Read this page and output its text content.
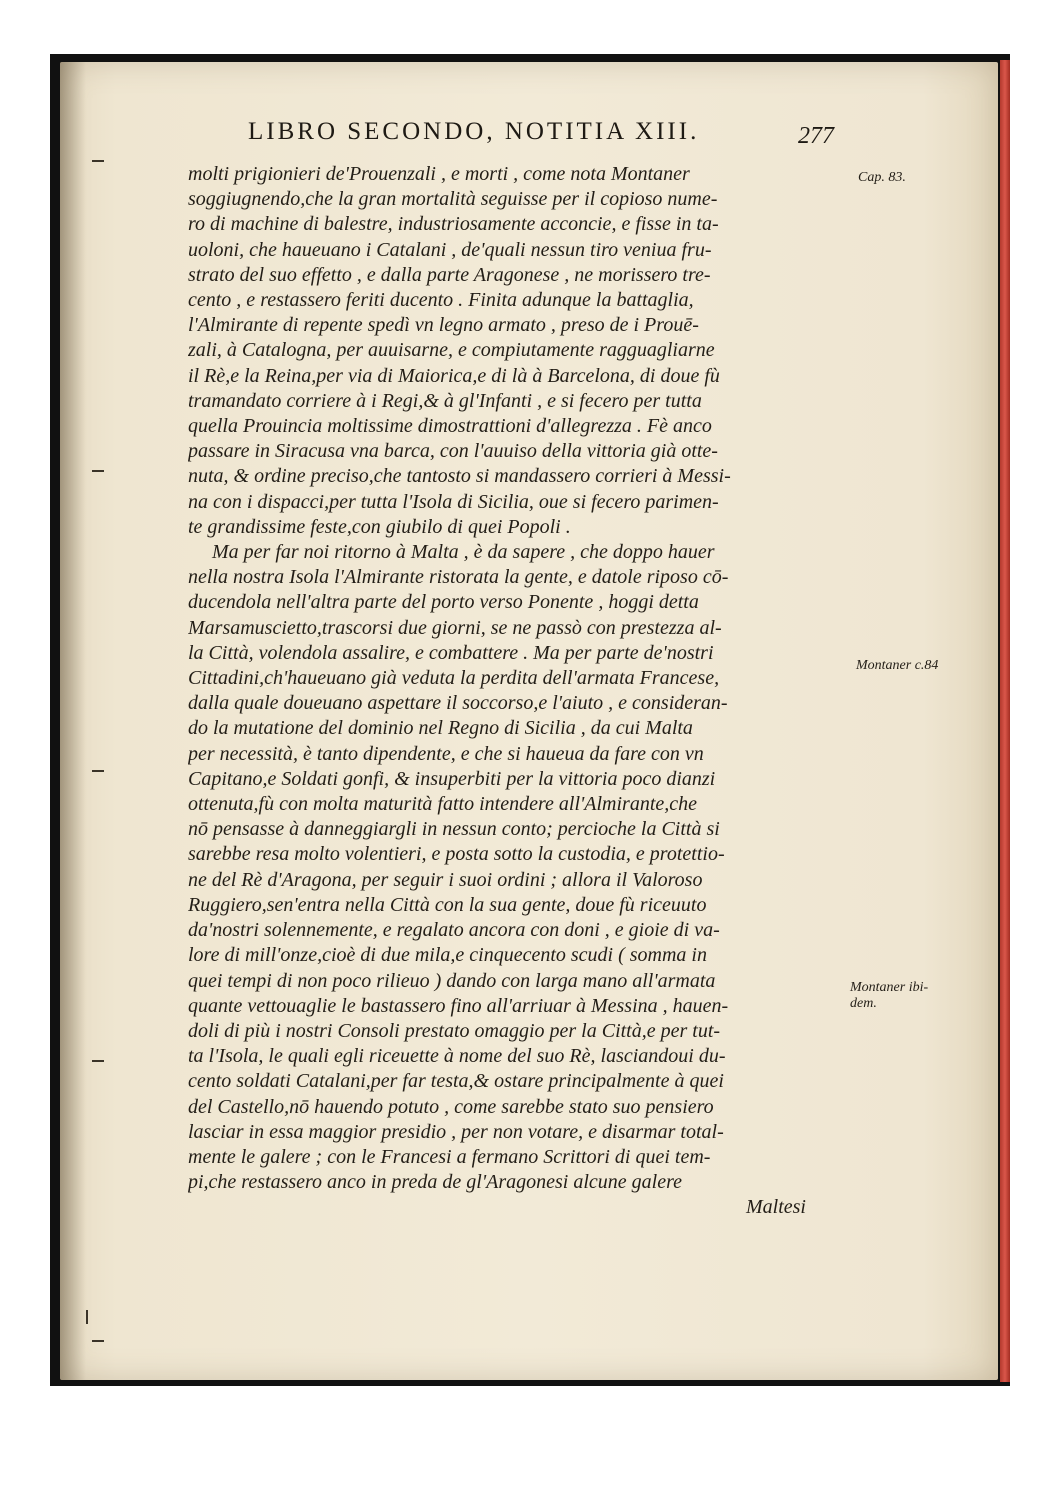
LIBRO SECONDO, NOTITIA XIII.	277
molti prigionieri de'Prouenzali , e morti , come nota Montaner
soggiugnendo,che la gran mortalità seguisse per il copioso nume-
ro di machine di balestre, industriosamente acconcie, e fisse in ta-
uoloni, che haueuano i Catalani , de'quali nessun tiro veniua fru-
strato del suo effetto , e dalla parte Aragonese , ne morissero tre-
cento , e restassero feriti ducento . Finita adunque la battaglia,
l'Almirante di repente spedì vn legno armato , preso de i Prouē-
zali, à Catalogna, per auuisarne, e compiutamente ragguagliarne
il Rè,e la Reina,per via di Maiorica,e di là à Barcelona, di doue fù
tramandato corriere à i Regi,& à gl'Infanti , e si fecero per tutta
quella Prouincia moltissime dimostrattioni d'allegrezza . Fè anco
passare in Siracusa vna barca, con l'auuiso della vittoria già otte-
nuta, & ordine preciso,che tantosto si mandassero corrieri à Messi-
na con i dispacci,per tutta l'Isola di Sicilia, oue si fecero parimen-
te grandissime feste,con giubilo di quei Popoli .
Ma per far noi ritorno à Malta , è da sapere , che doppo hauer
nella nostra Isola l'Almirante ristorata la gente, e datole riposo cō-
ducendola nell'altra parte del porto verso Ponente , hoggi detta
Marsamuscietto,trascorsi due giorni, se ne passò con prestezza al-
la Città, volendola assalire, e combattere . Ma per parte de'nostri
Cittadini,ch'haueuano già veduta la perdita dell'armata Francese,
dalla quale doueuano aspettare il soccorso,e l'aiuto , e consideran-
do la mutatione del dominio nel Regno di Sicilia , da cui Malta
per necessità, è tanto dipendente, e che si haueua da fare con vn
Capitano,e Soldati gonfi, & insuperbiti per la vittoria poco dianzi
ottenuta,fù con molta maturità fatto intendere all'Almirante,che
nō pensasse à danneggiargli in nessun conto; percioche la Città si
sarebbe resa molto volentieri, e posta sotto la custodia, e protettio-
ne del Rè d'Aragona, per seguir i suoi ordini ; allora il Valoroso
Ruggiero,sen'entra nella Città con la sua gente, doue fù riceuuto
da'nostri solennemente, e regalato ancora con doni , e gioie di va-
lore di mill'onze,cioè di due mila,e cinquecento scudi ( somma in
quei tempi di non poco rilieuo ) dando con larga mano all'armata
quante vettouaglie le bastassero fino all'arriuar à Messina , hauen-
doli di più i nostri Consoli prestato omaggio per la Città,e per tut-
ta l'Isola, le quali egli riceuette à nome del suo Rè, lasciandoui du-
cento soldati Catalani,per far testa,& ostare principalmente à quei
del Castello,nō hauendo potuto , come sarebbe stato suo pensiero
lasciar in essa maggior presidio , per non votare, e disarmar total-
mente le galere ; con le Francesi a fermano Scrittori di quei tem-
pi,che restassero anco in preda de gl'Aragonesi alcune galere
Maltesi
Cap. 83.
Montaner c.84
Montaner ibi-
dem.
